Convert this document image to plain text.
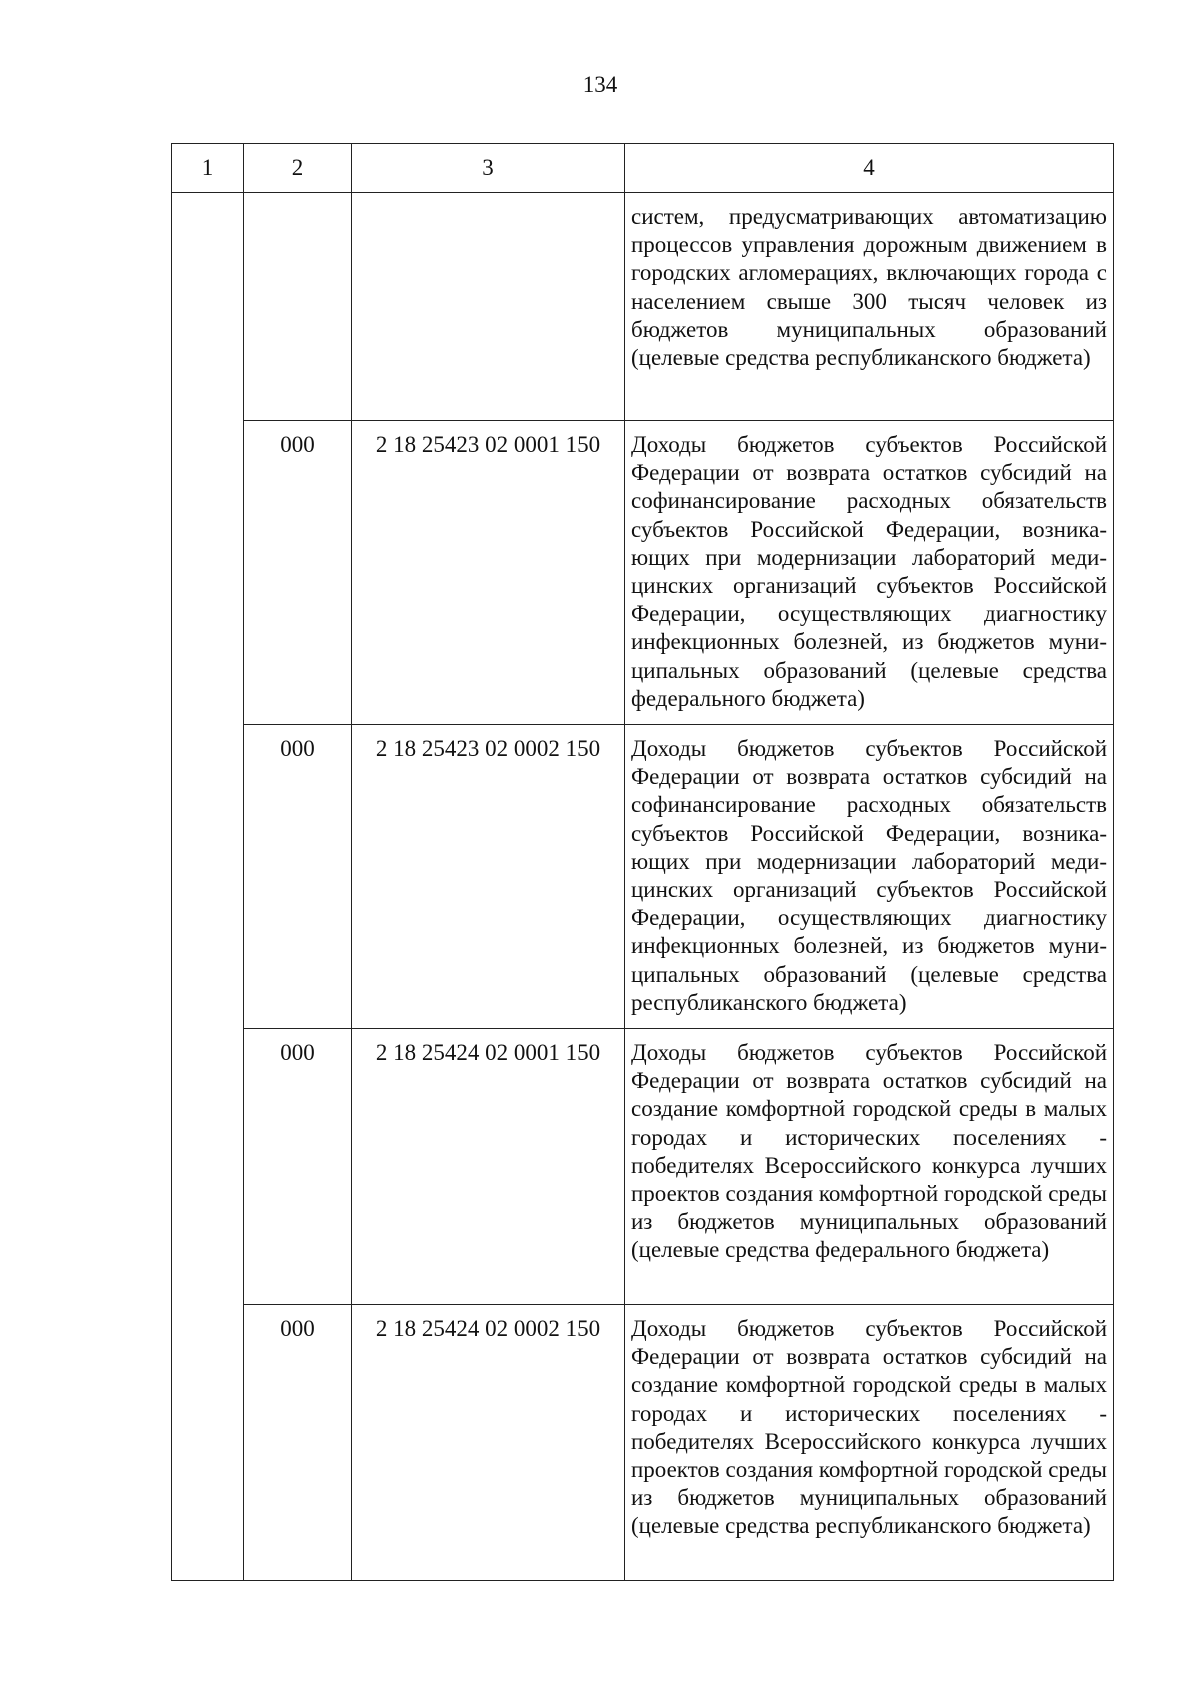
134
1	2	3	4
			систем, предусматривающих автоматизацию процессов управления дорожным движением в городских агломерациях, включающих города с населением свыше 300 тысяч человек из бюджетов муниципальных образований (целевые средства республиканского бюджета)
	000	2 18 25423 02 0001 150	Доходы бюджетов субъектов Российской Федерации от возврата остатков субсидий на софинансирование расходных обязательств субъектов Российской Федерации, возникающих при модернизации лабораторий медицинских организаций субъектов Российской Федерации, осуществляющих диагностику инфекционных болезней, из бюджетов муниципальных образований (целевые средства федерального бюджета)
	000	2 18 25423 02 0002 150	Доходы бюджетов субъектов Российской Федерации от возврата остатков субсидий на софинансирование расходных обязательств субъектов Российской Федерации, возникающих при модернизации лабораторий медицинских организаций субъектов Российской Федерации, осуществляющих диагностику инфекционных болезней, из бюджетов муниципальных образований (целевые средства республиканского бюджета)
	000	2 18 25424 02 0001 150	Доходы бюджетов субъектов Российской Федерации от возврата остатков субсидий на создание комфортной городской среды в малых городах и исторических поселениях - победителях Всероссийского конкурса лучших проектов создания комфортной городской среды из бюджетов муниципальных образований (целевые средства федерального бюджета)
	000	2 18 25424 02 0002 150	Доходы бюджетов субъектов Российской Федерации от возврата остатков субсидий на создание комфортной городской среды в малых городах и исторических поселениях - победителях Всероссийского конкурса лучших проектов создания комфортной городской среды из бюджетов муниципальных образований (целевые средства республиканского бюджета)
